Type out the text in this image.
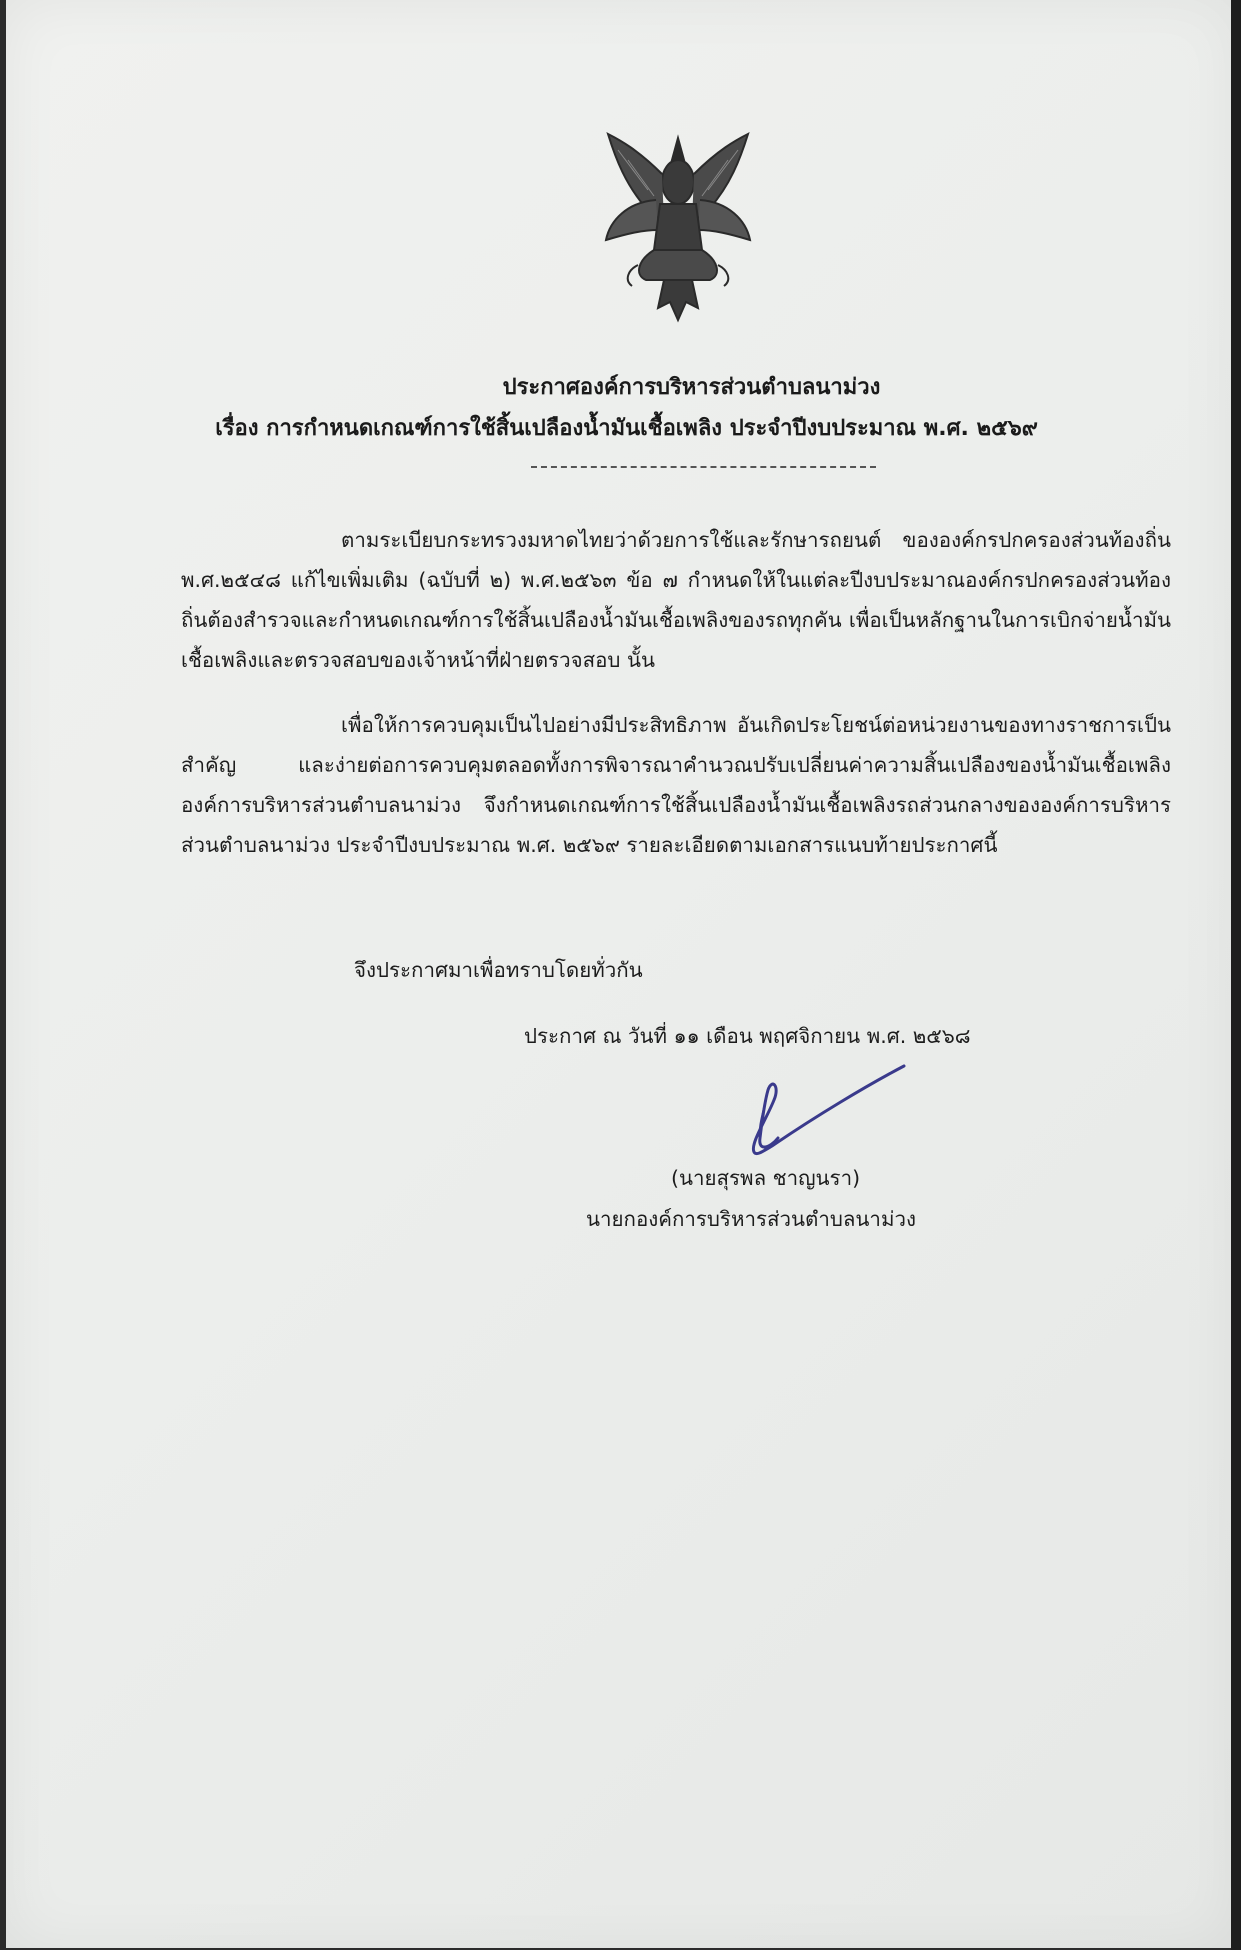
ประกาศองค์การบริหารส่วนตำบลนาม่วง
เรื่อง การกำหนดเกณฑ์การใช้สิ้นเปลืองน้ำมันเชื้อเพลิง ประจำปีงบประมาณ พ.ศ. ๒๕๖๙
ตามระเบียบกระทรวงมหาดไทยว่าด้วยการใช้และรักษารถยนต์ ขององค์กรปกครองส่วนท้องถิ่น พ.ศ.๒๕๔๘ แก้ไขเพิ่มเติม (ฉบับที่ ๒) พ.ศ.๒๕๖๓ ข้อ ๗ กำหนดให้ในแต่ละปีงบประมาณองค์กรปกครองส่วนท้องถิ่นต้องสำรวจและกำหนดเกณฑ์การใช้สิ้นเปลืองน้ำมันเชื้อเพลิงของรถทุกคัน เพื่อเป็นหลักฐานในการเบิกจ่ายน้ำมันเชื้อเพลิงและตรวจสอบของเจ้าหน้าที่ฝ่ายตรวจสอบ นั้น
เพื่อให้การควบคุมเป็นไปอย่างมีประสิทธิภาพ อันเกิดประโยชน์ต่อหน่วยงานของทางราชการเป็นสำคัญ และง่ายต่อการควบคุมตลอดทั้งการพิจารณาคำนวณปรับเปลี่ยนค่าความสิ้นเปลืองของน้ำมันเชื้อเพลิง องค์การบริหารส่วนตำบลนาม่วง จึงกำหนดเกณฑ์การใช้สิ้นเปลืองน้ำมันเชื้อเพลิงรถส่วนกลางขององค์การบริหารส่วนตำบลนาม่วง ประจำปีงบประมาณ พ.ศ. ๒๕๖๙ รายละเอียดตามเอกสารแนบท้ายประกาศนี้
จึงประกาศมาเพื่อทราบโดยทั่วกัน
ประกาศ ณ วันที่ ๑๑ เดือน พฤศจิกายน พ.ศ. ๒๕๖๘
(นายสุรพล ชาญนรา)
นายกองค์การบริหารส่วนตำบลนาม่วง
